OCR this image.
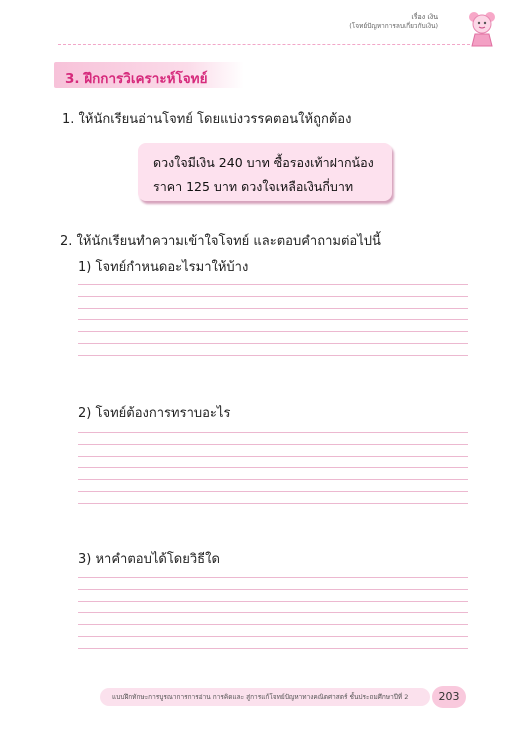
เรื่อง เงิน
(โจทย์ปัญหาการลบเกี่ยวกับเงิน)
3. ฝึกการวิเคราะห์โจทย์
1. ให้นักเรียนอ่านโจทย์ โดยแบ่งวรรคตอนให้ถูกต้อง
ดวงใจมีเงิน 240 บาท ซื้อรองเท้าฝากน้อง
ราคา 125 บาท ดวงใจเหลือเงินกี่บาท
2. ให้นักเรียนทำความเข้าใจโจทย์ และตอบคำถามต่อไปนี้
1) โจทย์กำหนดอะไรมาให้บ้าง
2) โจทย์ต้องการทราบอะไร
3) หาคำตอบได้โดยวิธีใด
แบบฝึกทักษะการบูรณาการการอ่าน การคิดและ สู่การแก้โจทย์ปัญหาทางคณิตศาสตร์ ชั้นประถมศึกษาปีที่ 2	203
